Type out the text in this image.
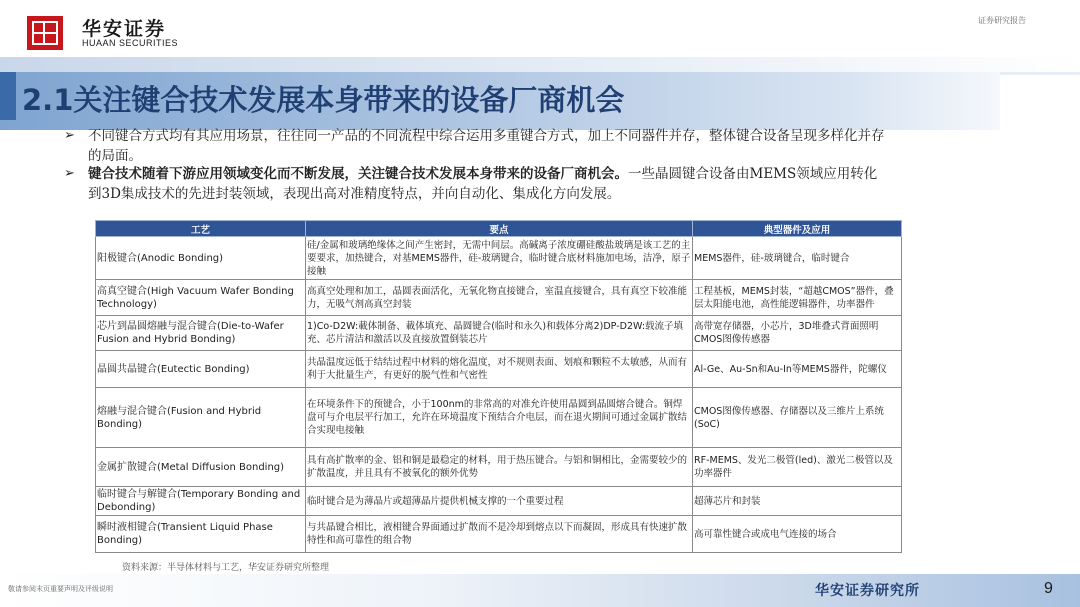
华安证券
HUAAN SECURITIES
证券研究报告
2.1关注键合技术发展本身带来的设备厂商机会
➢ 不同键合方式均有其应用场景，往往同一产品的不同流程中综合运用多重键合方式，加上不同器件并存，整体键合设备呈现多样化并存的局面。
➢ 键合技术随着下游应用领域变化而不断发展，关注键合技术发展本身带来的设备厂商机会。一些晶圆键合设备由MEMS领域应用转化到3D集成技术的先进封装领域，表现出高对准精度特点，并向自动化、集成化方向发展。
工艺	要点	典型器件及应用
阳极键合(Anodic Bonding)	硅/金属和玻璃绝缘体之间产生密封，无需中间层。高碱离子浓度硼硅酸盐玻璃是该工艺的主要要求，加热键合，对基MEMS器件，硅-玻璃键合，临时键合底材料施加电场，洁净，原子接触	MEMS器件，硅-玻璃键合，临时键合
高真空键合(High Vacuum Wafer Bonding Technology)	高真空处理和加工，晶圆表面活化，无氧化物直接键合，室温直接键合，具有真空下较准能力，无吸气剂高真空封装	工程基板，MEMS封装，“超越CMOS”器件，叠层太阳能电池，高性能逻辑器件，功率器件
芯片到晶圆熔融与混合键合(Die-to-Wafer Fusion and Hybrid Bonding)	1)Co-D2W:載体制备、載体填充、晶圆键合(临时和永久)和载体分离2)DP-D2W:载流子填充、芯片清洁和激活以及直接放置倒装芯片	高带宽存储器，小芯片，3D堆叠式背面照明CMOS图像传感器
晶圆共晶键合(Eutectic Bonding)	共晶温度远低于结结过程中材料的熔化温度，对不规则表面、划痕和颗粒不太敏感，从而有利于大批量生产，有更好的脱气性和气密性	Al-Ge、Au-Sn和Au-In等MEMS器件，陀螺仪
熔融与混合键合(Fusion and Hybrid Bonding)	在环境条件下的预键合，小于100nm的非常高的对准允许使用晶圆到晶圆熔合键合。铜焊盘可与介电层平行加工，允许在环境温度下预结合介电层，而在退火期间可通过金属扩散结合实现电接触	CMOS图像传感器、存储器以及三维片上系统(SoC)
金属扩散键合(Metal Diffusion Bonding)	具有高扩散率的金、铝和铜是最稳定的材料，用于热压键合。与铝和铜相比，金需要较少的扩散温度，并且具有不被氧化的额外优势	RF-MEMS、发光二极管(led)、激光二极管以及功率器件
临时键合与解键合(Temporary Bonding and Debonding)	临时键合是为薄晶片或超薄晶片提供机械支撑的一个重要过程	超薄芯片和封装
瞬时液相键合(Transient Liquid Phase Bonding)	与共晶键合相比，液相键合界面通过扩散而不是冷却到熔点以下而凝固，形成具有快速扩散特性和高可靠性的组合物	高可靠性键合或成电气连接的场合
资料来源：半导体材料与工艺，华安证券研究所整理
敬请参阅末页重要声明及评级说明	华安证券研究所	9
